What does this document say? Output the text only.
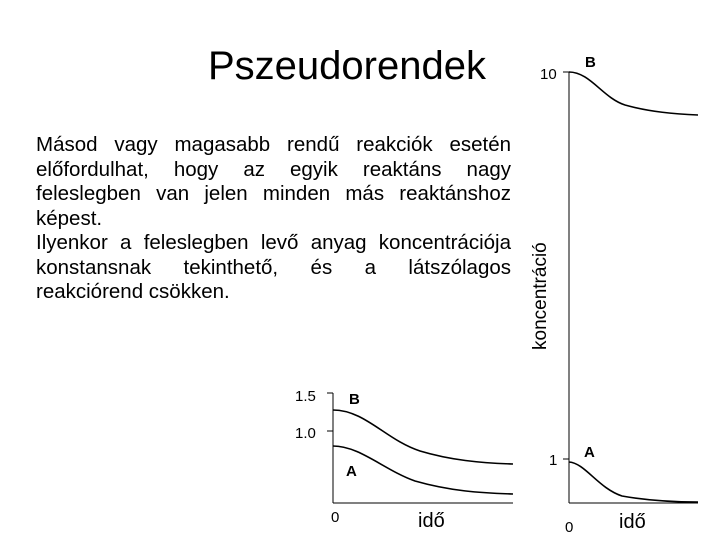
Pszeudorendek

Másod vagy magasabb rendű reakciók esetén előfordulhat, hogy az egyik reaktáns nagy feleslegben van jelen minden más reaktánshoz képest.

Ilyenkor a feleslegben levő anyag koncentrációja konstansnak tekinthető, és a látszólagos reakciórend csökken.

1.5
1.0
B
A
0	idő
10
1
B
A
0 idő
koncentráció
